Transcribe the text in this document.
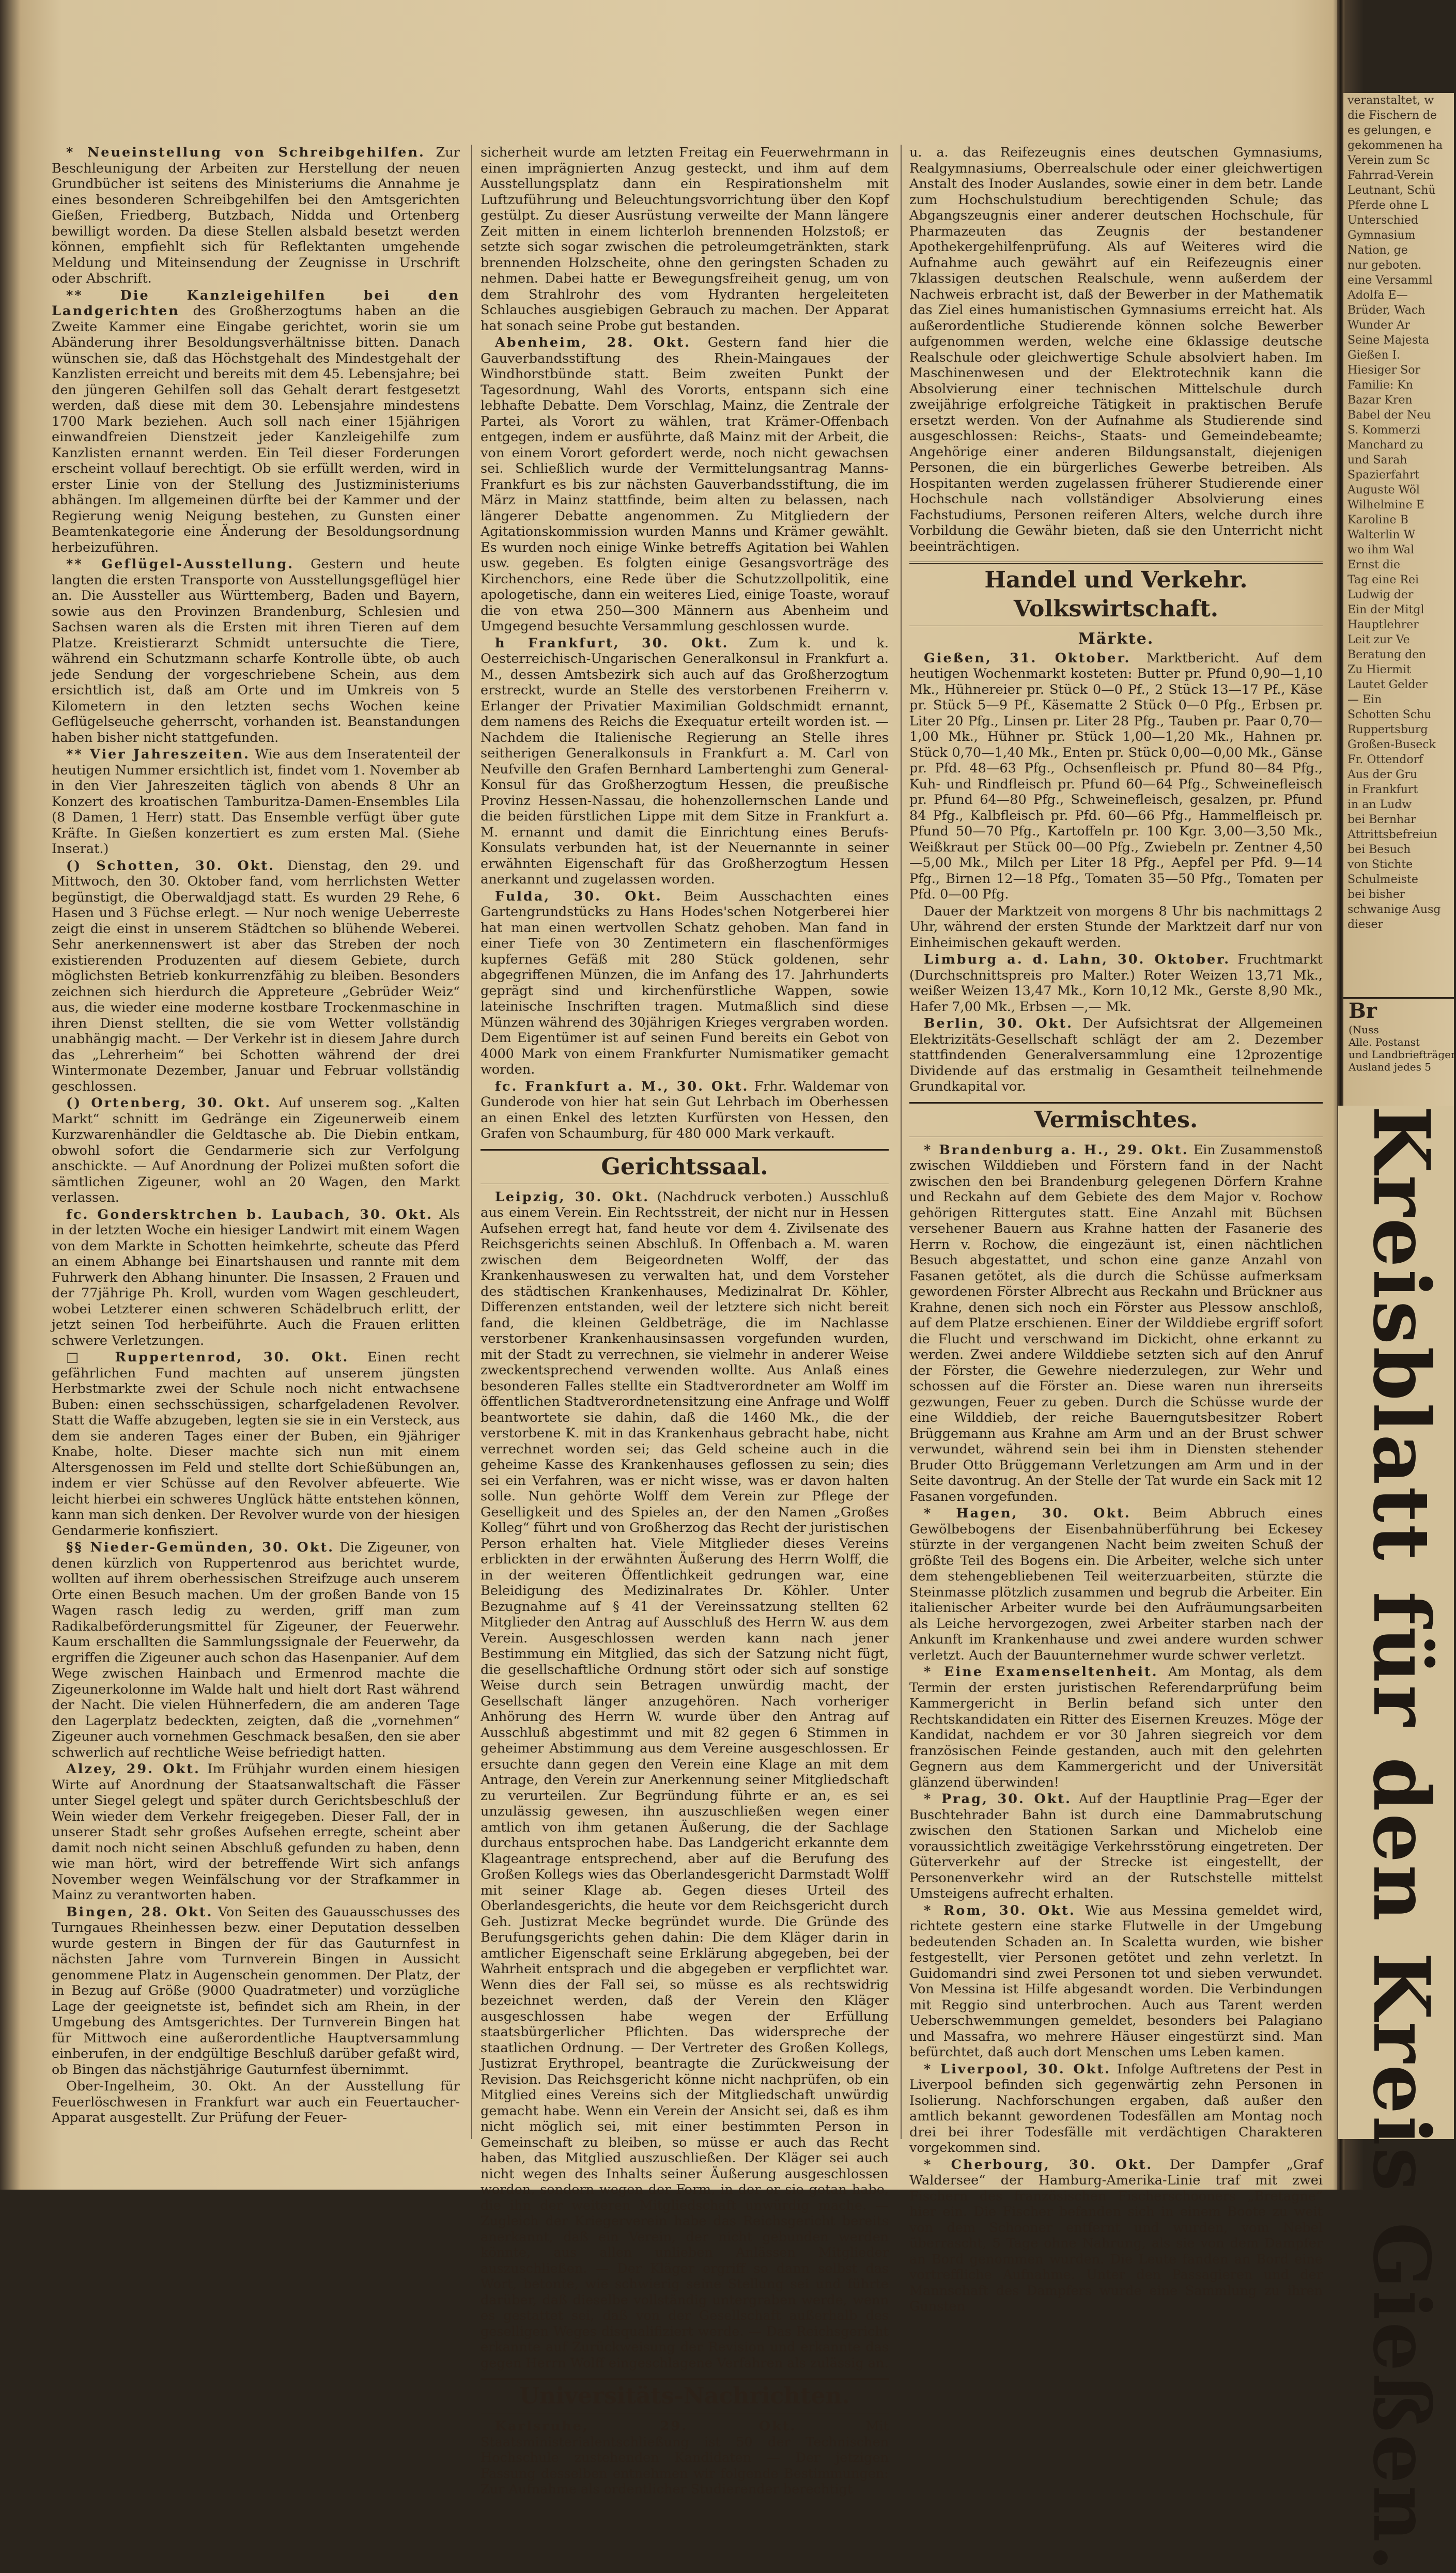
* Neueinstellung von Schreibgehilfen. Zur Beschleunigung der Arbeiten zur Herstellung der neuen Grundbücher ist seitens des Ministeriums die Annahme je eines besonderen Schreibgehilfen bei den Amtsgerichten Gießen, Friedberg, Butzbach, Nidda und Ortenberg bewilligt worden. Da diese Stellen alsbald besetzt werden können, empfiehlt sich für Reflektanten umgehende Meldung und Miteinsendung der Zeugnisse in Urschrift oder Abschrift.

** Die Kanzleigehilfen bei den Landgerichten des Großherzogtums haben an die Zweite Kammer eine Eingabe gerichtet, worin sie um Abänderung ihrer Besoldungsverhältnisse bitten. Danach wünschen sie, daß das Höchstgehalt des Mindestgehalt der Kanzlisten erreicht und bereits mit dem 45. Lebensjahre; bei den jüngeren Gehilfen soll das Gehalt derart festgesetzt werden, daß diese mit dem 30. Lebensjahre mindestens 1700 Mark beziehen. Auch soll nach einer 15jährigen einwandfreien Dienstzeit jeder Kanzleigehilfe zum Kanzlisten ernannt werden. Ein Teil dieser Forderungen erscheint vollauf berechtigt. Ob sie erfüllt werden, wird in erster Linie von der Stellung des Justizministeriums abhängen. Im allgemeinen dürfte bei der Kammer und der Regierung wenig Neigung bestehen, zu Gunsten einer Beamtenkategorie eine Änderung der Besoldungsordnung herbeizuführen.

** Geflügel-Ausstellung. Gestern und heute langten die ersten Transporte von Ausstellungsgeflügel hier an. Die Aussteller aus Württemberg, Baden und Bayern, sowie aus den Provinzen Brandenburg, Schlesien und Sachsen waren als die Ersten mit ihren Tieren auf dem Platze. Kreistierarzt Schmidt untersuchte die Tiere, während ein Schutzmann scharfe Kontrolle übte, ob auch jede Sendung der vorgeschriebene Schein, aus dem ersichtlich ist, daß am Orte und im Umkreis von 5 Kilometern in den letzten sechs Wochen keine Geflügelseuche geherrscht, vorhanden ist. Beanstandungen haben bisher nicht stattgefunden.

** Vier Jahreszeiten. Wie aus dem Inseratenteil der heutigen Nummer ersichtlich ist, findet vom 1. November ab in den Vier Jahreszeiten täglich von abends 8 Uhr an Konzert des kroatischen Tamburitza-Damen-Ensembles Lila (8 Damen, 1 Herr) statt. Das Ensemble verfügt über gute Kräfte. In Gießen konzertiert es zum ersten Mal. (Siehe Inserat.)

() Schotten, 30. Okt. Dienstag, den 29. und Mittwoch, den 30. Oktober fand, vom herrlichsten Wetter begünstigt, die Oberwaldjagd statt. Es wurden 29 Rehe, 6 Hasen und 3 Füchse erlegt. — Nur noch wenige Ueberreste zeigt die einst in unserem Städtchen so blühende Weberei. Sehr anerkennenswert ist aber das Streben der noch existierenden Produzenten auf diesem Gebiete, durch möglichsten Betrieb konkurrenzfähig zu bleiben. Besonders zeichnen sich hierdurch die Appreteure „Gebrüder Weiz“ aus, die wieder eine moderne kostbare Trockenmaschine in ihren Dienst stellten, die sie vom Wetter vollständig unabhängig macht. — Der Verkehr ist in diesem Jahre durch das „Lehrerheim“ bei Schotten während der drei Wintermonate Dezember, Januar und Februar vollständig geschlossen.

() Ortenberg, 30. Okt. Auf unserem sog. „Kalten Markt“ schnitt im Gedränge ein Zigeunerweib einem Kurzwarenhändler die Geldtasche ab. Die Diebin entkam, obwohl sofort die Gendarmerie sich zur Verfolgung anschickte. — Auf Anordnung der Polizei mußten sofort die sämtlichen Zigeuner, wohl an 20 Wagen, den Markt verlassen.

fc. Gondersktrchen b. Laubach, 30. Okt. Als in der letzten Woche ein hiesiger Landwirt mit einem Wagen von dem Markte in Schotten heimkehrte, scheute das Pferd an einem Abhange bei Einartshausen und rannte mit dem Fuhrwerk den Abhang hinunter. Die Insassen, 2 Frauen und der 77jährige Ph. Kroll, wurden vom Wagen geschleudert, wobei Letzterer einen schweren Schädelbruch erlitt, der jetzt seinen Tod herbeiführte. Auch die Frauen erlitten schwere Verletzungen.

□ Ruppertenrod, 30. Okt. Einen recht gefährlichen Fund machten auf unserem jüngsten Herbstmarkte zwei der Schule noch nicht entwachsene Buben: einen sechsschüssigen, scharfgeladenen Revolver. Statt die Waffe abzugeben, legten sie sie in ein Versteck, aus dem sie anderen Tages einer der Buben, ein 9jähriger Knabe, holte. Dieser machte sich nun mit einem Altersgenossen im Feld und stellte dort Schießübungen an, indem er vier Schüsse auf den Revolver abfeuerte. Wie leicht hierbei ein schweres Unglück hätte entstehen können, kann man sich denken. Der Revolver wurde von der hiesigen Gendarmerie konfisziert.

§§ Nieder-Gemünden, 30. Okt. Die Zigeuner, von denen kürzlich von Ruppertenrod aus berichtet wurde, wollten auf ihrem oberhessischen Streifzuge auch unserem Orte einen Besuch machen. Um der großen Bande von 15 Wagen rasch ledig zu werden, griff man zum Radikalbeförderungsmittel für Zigeuner, der Feuerwehr. Kaum erschallten die Sammlungssignale der Feuerwehr, da ergriffen die Zigeuner auch schon das Hasenpanier. Auf dem Wege zwischen Hainbach und Ermenrod machte die Zigeunerkolonne im Walde halt und hielt dort Rast während der Nacht. Die vielen Hühnerfedern, die am anderen Tage den Lagerplatz bedeckten, zeigten, daß die „vornehmen“ Zigeuner auch vornehmen Geschmack besaßen, den sie aber schwerlich auf rechtliche Weise befriedigt hatten.

Alzey, 29. Okt. Im Frühjahr wurden einem hiesigen Wirte auf Anordnung der Staatsanwaltschaft die Fässer unter Siegel gelegt und später durch Gerichtsbeschluß der Wein wieder dem Verkehr freigegeben. Dieser Fall, der in unserer Stadt sehr großes Aufsehen erregte, scheint aber damit noch nicht seinen Abschluß gefunden zu haben, denn wie man hört, wird der betreffende Wirt sich anfangs November wegen Weinfälschung vor der Strafkammer in Mainz zu verantworten haben.

Bingen, 28. Okt. Von Seiten des Gauausschusses des Turngaues Rheinhessen bezw. einer Deputation desselben wurde gestern in Bingen der für das Gauturnfest in nächsten Jahre vom Turnverein Bingen in Aussicht genommene Platz in Augenschein genommen. Der Platz, der in Bezug auf Größe (9000 Quadratmeter) und vorzügliche Lage der geeignetste ist, befindet sich am Rhein, in der Umgebung des Amtsgerichtes. Der Turnverein Bingen hat für Mittwoch eine außerordentliche Hauptversammlung einberufen, in der endgültige Beschluß darüber gefaßt wird, ob Bingen das nächstjährige Gauturnfest übernimmt.

Ober-Ingelheim, 30. Okt. An der Ausstellung für Feuerlöschwesen in Frankfurt war auch ein Feuertaucher-Apparat ausgestellt. Zur Prüfung der Feuer-

sicherheit wurde am letzten Freitag ein Feuerwehrmann in einen imprägnierten Anzug gesteckt, und ihm auf dem Ausstellungsplatz dann ein Respirationshelm mit Luftzuführung und Beleuchtungsvorrichtung über den Kopf gestülpt. Zu dieser Ausrüstung verweilte der Mann längere Zeit mitten in einem lichterloh brennenden Holzstoß; er setzte sich sogar zwischen die petroleumgetränkten, stark brennenden Holzscheite, ohne den geringsten Schaden zu nehmen. Dabei hatte er Bewegungsfreiheit genug, um von dem Strahlrohr des vom Hydranten hergeleiteten Schlauches ausgiebigen Gebrauch zu machen. Der Apparat hat sonach seine Probe gut bestanden.

Abenheim, 28. Okt. Gestern fand hier die Gauverbandsstiftung des Rhein-Maingaues der Windhorstbünde statt. Beim zweiten Punkt der Tagesordnung, Wahl des Vororts, entspann sich eine lebhafte Debatte. Dem Vorschlag, Mainz, die Zentrale der Partei, als Vorort zu wählen, trat Krämer-Offenbach entgegen, indem er ausführte, daß Mainz mit der Arbeit, die von einem Vorort gefordert werde, noch nicht gewachsen sei. Schließlich wurde der Vermittelungsantrag Manns-Frankfurt es bis zur nächsten Gauverbandsstiftung, die im März in Mainz stattfinde, beim alten zu belassen, nach längerer Debatte angenommen. Zu Mitgliedern der Agitationskommission wurden Manns und Krämer gewählt. Es wurden noch einige Winke betreffs Agitation bei Wahlen usw. gegeben. Es folgten einige Gesangsvorträge des Kirchenchors, eine Rede über die Schutzzollpolitik, eine apologetische, dann ein weiteres Lied, einige Toaste, worauf die von etwa 250—300 Männern aus Abenheim und Umgegend besuchte Versammlung geschlossen wurde.

h Frankfurt, 30. Okt. Zum k. und k. Oesterreichisch-Ungarischen Generalkonsul in Frankfurt a. M., dessen Amtsbezirk sich auch auf das Großherzogtum erstreckt, wurde an Stelle des verstorbenen Freiherrn v. Erlanger der Privatier Maximilian Goldschmidt ernannt, dem namens des Reichs die Exequatur erteilt worden ist. — Nachdem die Italienische Regierung an Stelle ihres seitherigen Generalkonsuls in Frankfurt a. M. Carl von Neufville den Grafen Bernhard Lambertenghi zum General-Konsul für das Großherzogtum Hessen, die preußische Provinz Hessen-Nassau, die hohenzollernschen Lande und die beiden fürstlichen Lippe mit dem Sitze in Frankfurt a. M. ernannt und damit die Einrichtung eines Berufs-Konsulats verbunden hat, ist der Neuernannte in seiner erwähnten Eigenschaft für das Großherzogtum Hessen anerkannt und zugelassen worden.

Fulda, 30. Okt. Beim Ausschachten eines Gartengrundstücks zu Hans Hodes'schen Notgerberei hier hat man einen wertvollen Schatz gehoben. Man fand in einer Tiefe von 30 Zentimetern ein flaschenförmiges kupfernes Gefäß mit 280 Stück goldenen, sehr abgegriffenen Münzen, die im Anfang des 17. Jahrhunderts geprägt sind und kirchenfürstliche Wappen, sowie lateinische Inschriften tragen. Mutmaßlich sind diese Münzen während des 30jährigen Krieges vergraben worden. Dem Eigentümer ist auf seinen Fund bereits ein Gebot von 4000 Mark von einem Frankfurter Numismatiker gemacht worden.

fc. Frankfurt a. M., 30. Okt. Frhr. Waldemar von Gunderode von hier hat sein Gut Lehrbach im Oberhessen an einen Enkel des letzten Kurfürsten von Hessen, den Grafen von Schaumburg, für 480 000 Mark verkauft.

Gerichtssaal.

Leipzig, 30. Okt. (Nachdruck verboten.) Ausschluß aus einem Verein. Ein Rechtsstreit, der nicht nur in Hessen Aufsehen erregt hat, fand heute vor dem 4. Zivilsenate des Reichsgerichts seinen Abschluß. In Offenbach a. M. waren zwischen dem Beigeordneten Wolff, der das Krankenhauswesen zu verwalten hat, und dem Vorsteher des städtischen Krankenhauses, Medizinalrat Dr. Köhler, Differenzen entstanden, weil der letztere sich nicht bereit fand, die kleinen Geldbeträge, die im Nachlasse verstorbener Krankenhausinsassen vorgefunden wurden, mit der Stadt zu verrechnen, sie vielmehr in anderer Weise zweckentsprechend verwenden wollte. Aus Anlaß eines besonderen Falles stellte ein Stadtverordneter am Wolff im öffentlichen Stadtverordnetensitzung eine Anfrage und Wolff beantwortete sie dahin, daß die 1460 Mk., die der verstorbene K. mit in das Krankenhaus gebracht habe, nicht verrechnet worden sei; das Geld scheine auch in die geheime Kasse des Krankenhauses geflossen zu sein; dies sei ein Verfahren, was er nicht wisse, was er davon halten solle. Nun gehörte Wolff dem Verein zur Pflege der Geselligkeit und des Spieles an, der den Namen „Großes Kolleg“ führt und von Großherzog das Recht der juristischen Person erhalten hat. Viele Mitglieder dieses Vereins erblickten in der erwähnten Äußerung des Herrn Wolff, die in der weiteren Öffentlichkeit gedrungen war, eine Beleidigung des Medizinalrates Dr. Köhler. Unter Bezugnahme auf § 41 der Vereinssatzung stellten 62 Mitglieder den Antrag auf Ausschluß des Herrn W. aus dem Verein. Ausgeschlossen werden kann nach jener Bestimmung ein Mitglied, das sich der Satzung nicht fügt, die gesellschaftliche Ordnung stört oder sich auf sonstige Weise durch sein Betragen unwürdig macht, der Gesellschaft länger anzugehören. Nach vorheriger Anhörung des Herrn W. wurde über den Antrag auf Ausschluß abgestimmt und mit 82 gegen 6 Stimmen in geheimer Abstimmung aus dem Vereine ausgeschlossen. Er ersuchte dann gegen den Verein eine Klage an mit dem Antrage, den Verein zur Anerkennung seiner Mitgliedschaft zu verurteilen. Zur Begründung führte er an, es sei unzulässig gewesen, ihn auszuschließen wegen einer amtlich von ihm getanen Äußerung, die der Sachlage durchaus entsprochen habe. Das Landgericht erkannte dem Klageantrage entsprechend, aber auf die Berufung des Großen Kollegs wies das Oberlandesgericht Darmstadt Wolff mit seiner Klage ab. Gegen dieses Urteil des Oberlandesgerichts, die heute vor dem Reichsgericht durch Geh. Justizrat Meckе begründet wurde. Die Gründe des Berufungsgerichts gehen dahin: Die dem Kläger darin in amtlicher Eigenschaft seine Erklärung abgegeben, bei der Wahrheit entsprach und die abgegeben er verpflichtet war. Wenn dies der Fall sei, so müsse es als rechtswidrig bezeichnet werden, daß der Verein den Kläger ausgeschlossen habe wegen der Erfüllung staatsbürgerlicher Pflichten. Das widerspreche der staatlichen Ordnung. — Der Vertreter des Großen Kollegs, Justizrat Erythropel, beantragte die Zurückweisung der Revision. Das Reichsgericht könne nicht nachprüfen, ob ein Mitglied eines Vereins sich der Mitgliedschaft unwürdig gemacht habe. Wenn ein Verein der Ansicht sei, daß es ihm nicht möglich sei, mit einer bestimmten Person in Gemeinschaft zu bleiben, so müsse er auch das Recht haben, das Mitglied auszuschließen. Der Kläger sei auch nicht wegen des Inhalts seiner Äußerung ausgeschlossen worden, sondern wegen der Form, in der er sie getan habe, die ihn der weiteren Mitgliedschaft unwürdig mache. — Zugleich der Kriegerverein habe das Reichsgericht bereits anerkannt, daß ein Verein, der nicht gebunden werden könnte, aus allen unlieben Anlässen Mitglieder auszuschließen. — Der Kläger ergriff so dann selbst das Wort, betonte, wie schwierig seine Stellung sei und führte darüber, daß dieselbe vollständig untergraben werde, wenn es gestattet sei, daß von der Gesellschaft außerhalb des geselligen Weges disqualifiziert werde. — Das Reichsgericht erkannte auf Zurückweisung der Revision und erkannte das gegen Herrn Wolff eingeschlagene Verfahren als zulässig an.

Universitäts-Nachrichten.

Karlsruhe, 29. Okt.	Mit Staatsministerialentschließung ist 50 der Technischen Hochschule zustehenden Kandidaten — Der jetzigen Fassung desselben entnehmen wir folgende Bestimmungen: Zur Aufnahme als ordentlicher Studierender berechtigt

u. a. das Reifezeugnis eines deutschen Gymnasiums, Realgymnasiums, Oberrealschule oder einer gleichwertigen Anstalt des Inoder Auslandes, sowie einer in dem betr. Lande zum Hochschulstudium berechtigenden Schule; das Abgangszeugnis einer anderer deutschen Hochschule, für Pharmazeuten das Zeugnis der bestandener Apothekergehilfenprüfung. Als auf Weiteres wird die Aufnahme auch gewährt auf ein Reifezeugnis einer 7klassigen deutschen Realschule, wenn außerdem der Nachweis erbracht ist, daß der Bewerber in der Mathematik das Ziel eines humanistischen Gymnasiums erreicht hat. Als außerordentliche Studierende können solche Bewerber aufgenommen werden, welche eine 6klassige deutsche Realschule oder gleichwertige Schule absolviert haben. Im Maschinenwesen und der Elektrotechnik kann die Absolvierung einer technischen Mittelschule durch zweijährige erfolgreiche Tätigkeit in praktischen Berufe ersetzt werden. Von der Aufnahme als Studierende sind ausgeschlossen: Reichs-, Staats- und Gemeindebeamte; Angehörige einer anderen Bildungsanstalt, diejenigen Personen, die ein bürgerliches Gewerbe betreiben. Als Hospitanten werden zugelassen früherer Studierende einer Hochschule nach vollständiger Absolvierung eines Fachstudiums, Personen reiferen Alters, welche durch ihre Vorbildung die Gewähr bieten, daß sie den Unterricht nicht beeinträchtigen.

Handel und Verkehr. Volkswirtschaft.
Märkte.

Gießen, 31. Oktober. Marktbericht. Auf dem heutigen Wochenmarkt kosteten: Butter pr. Pfund 0,90—1,10 Mk., Hühnereier pr. Stück 0—0 Pf., 2 Stück 13—17 Pf., Käse pr. Stück 5—9 Pf., Käsematte 2 Stück 0—0 Pfg., Erbsen pr. Liter 20 Pfg., Linsen pr. Liter 28 Pfg., Tauben pr. Paar 0,70—1,00 Mk., Hühner pr. Stück 1,00—1,20 Mk., Hahnen pr. Stück 0,70—1,40 Mk., Enten pr. Stück 0,00—0,00 Mk., Gänse pr. Pfd. 48—63 Pfg., Ochsenfleisch pr. Pfund 80—84 Pfg., Kuh- und Rindfleisch pr. Pfund 60—64 Pfg., Schweinefleisch pr. Pfund 64—80 Pfg., Schweinefleisch, gesalzen, pr. Pfund 84 Pfg., Kalbfleisch pr. Pfd. 60—66 Pfg., Hammelfleisch pr. Pfund 50—70 Pfg., Kartoffeln pr. 100 Kgr. 3,00—3,50 Mk., Weißkraut per Stück 00—00 Pfg., Zwiebeln pr. Zentner 4,50—5,00 Mk., Milch per Liter 18 Pfg., Aepfel per Pfd. 9—14 Pfg., Birnen 12—18 Pfg., Tomaten 35—50 Pfg., Tomaten per Pfd. 0—00 Pfg.

Dauer der Marktzeit von morgens 8 Uhr bis nachmittags 2 Uhr, während der ersten Stunde der Marktzeit darf nur von Einheimischen gekauft werden.

Limburg a. d. Lahn, 30. Oktober. Fruchtmarkt (Durchschnittspreis pro Malter.) Roter Weizen 13,71 Mk., weißer Weizen 13,47 Mk., Korn 10,12 Mk., Gerste 8,90 Mk., Hafer 7,00 Mk., Erbsen —,— Mk.

Berlin, 30. Okt. Der Aufsichtsrat der Allgemeinen Elektrizitäts-Gesellschaft schlägt der am 2. Dezember stattfindenden Generalversammlung eine 12prozentige Dividende auf das erstmalig in Gesamtheit teilnehmende Grundkapital vor.

Vermischtes.

* Brandenburg a. H., 29. Okt. Ein Zusammenstoß zwischen Wilddieben und Förstern fand in der Nacht zwischen den bei Brandenburg gelegenen Dörfern Krahne und Reckahn auf dem Gebiete des dem Major v. Rochow gehörigen Rittergutes statt. Eine Anzahl mit Büchsen versehener Bauern aus Krahne hatten der Fasanerie des Herrn v. Rochow, die eingezäunt ist, einen nächtlichen Besuch abgestattet, und schon eine ganze Anzahl von Fasanen getötet, als die durch die Schüsse aufmerksam gewordenen Förster Albrecht aus Reckahn und Brückner aus Krahne, denen sich noch ein Förster aus Plessow anschloß, auf dem Platze erschienen. Einer der Wilddiebe ergriff sofort die Flucht und verschwand im Dickicht, ohne erkannt zu werden. Zwei andere Wilddiebe setzten sich auf den Anruf der Förster, die Gewehre niederzulegen, zur Wehr und schossen auf die Förster an. Diese waren nun ihrerseits gezwungen, Feuer zu geben. Durch die Schüsse wurde der eine Wilddieb, der reiche Bauerngutsbesitzer Robert Brüggemann aus Krahne am Arm und an der Brust schwer verwundet, während sein bei ihm in Diensten stehender Bruder Otto Brüggemann Verletzungen am Arm und in der Seite davontrug. An der Stelle der Tat wurde ein Sack mit 12 Fasanen vorgefunden.

* Hagen, 30. Okt. Beim Abbruch eines Gewölbebogens der Eisenbahnüberführung bei Eckesey stürzte in der vergangenen Nacht beim zweiten Schuß der größte Teil des Bogens ein. Die Arbeiter, welche sich unter dem stehengebliebenen Teil weiterzuarbeiten, stürzte die Steinmasse plötzlich zusammen und begrub die Arbeiter. Ein italienischer Arbeiter wurde bei den Aufräumungsarbeiten als Leiche hervorgezogen, zwei Arbeiter starben nach der Ankunft im Krankenhause und zwei andere wurden schwer verletzt. Auch der Bauunternehmer wurde schwer verletzt.

* Eine Examenseltenheit. Am Montag, als dem Termin der ersten juristischen Referendarprüfung beim Kammergericht in Berlin befand sich unter den Rechtskandidaten ein Ritter des Eisernen Kreuzes. Möge der Kandidat, nachdem er vor 30 Jahren siegreich vor dem französischen Feinde gestanden, auch mit den gelehrten Gegnern aus dem Kammergericht und der Universität glänzend überwinden!

* Prag, 30. Okt. Auf der Hauptlinie Prag—Eger der Buschtehrader Bahn ist durch eine Dammabrutschung zwischen den Stationen Sarkan und Michelob eine voraussichtlich zweitägige Verkehrsstörung eingetreten. Der Güterverkehr auf der Strecke ist eingestellt, der Personenverkehr wird an der Rutschstelle mittelst Umsteigens aufrecht erhalten.

* Rom, 30. Okt. Wie aus Messina gemeldet wird, richtete gestern eine starke Flutwelle in der Umgebung bedeutenden Schaden an. In Scaletta wurden, wie bisher festgestellt, vier Personen getötet und zehn verletzt. In Guidomandri sind zwei Personen tot und sieben verwundet. Von Messina ist Hilfe abgesandt worden. Die Verbindungen mit Reggio sind unterbrochen. Auch aus Tarent werden Ueberschwemmungen gemeldet, besonders bei Palagiano und Massafra, wo mehrere Häuser eingestürzt sind. Man befürchtet, daß auch dort Menschen ums Leben kamen.

* Liverpool, 30. Okt. Infolge Auftretens der Pest in Liverpool befinden sich gegenwärtig zehn Personen in Isolierung. Nachforschungen ergaben, daß außer den amtlich bekannt gewordenen Todesfällen am Montag noch drei bei ihrer Todesfälle mit verdächtigen Charakteren vorgekommen sind.

* Cherbourg, 30. Okt. Der Dampfer „Graf Waldersee“ der Hamburg-Amerika-Linie traf mit zwei Fischern des französischen Fischerschooners „Bretagne“ hier ein. Die Fischer befanden sich in einem Boote zu weit von dem Schooner entfernt und wurden, vom Nebel überrascht, 5 Tage ohne Nahrung, als sie von dem Dampfer an Bord genommen wurden. Die Leute fanden an Bord eine vortreffliche Aufnahme. Unter den Passagieren und der Mannschaft des Dampfers wurde eine Sammlung zu ihren Gunsten

veranstaltet, w
die Fischern de
es gelungen, e
gekommenen ha
Verein zum Sc
Fahrrad-Verein
Leutnant, Schü
Pferde ohne L
Unterschied
Gymnasium
Nation, ge
nur geboten.
eine Versamml
Adolfa E—
Brüder, Wach
Wunder Ar
Seine Majesta
Gießen I.
Hiesiger Sor
Familie: Kn
Bazar Kren
Babel der Neu
S. Kommerzi
Manchard zu
und Sarah
Spazierfahrt
Auguste Wöl
Wilhelmine E
Karoline B
Walterlin W
wo ihm Wal
Ernst die
Tag eine Rei
Ludwig der
Ein der Mitgl
Hauptlehrer
Leit zur Ve
Beratung den
Zu Hiermit
Lautet Gelder
— Ein
Schotten Schu
Ruppertsburg
Großen-Buseck
Fr. Ottendorf
Aus der Gru
in Frankfurt
in an Ludw
bei Bernhar
Attrittsbefreiun
bei Besuch
von Stichte
Schulmeiste
bei bisher
schwanige Ausg
dieser
Br
(Nuss
Alle. Postanst
und Landbriefträger
Ausland jedes 5
Kreisblatt für den Kreis Gießen.
